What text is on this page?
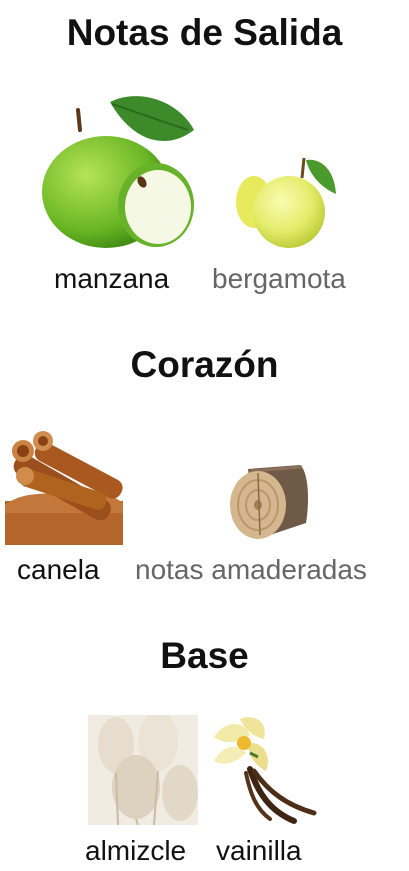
Notas de Salida
manzana bergamota
Corazón
canela notas amaderadas
Base
almizcle vainilla
